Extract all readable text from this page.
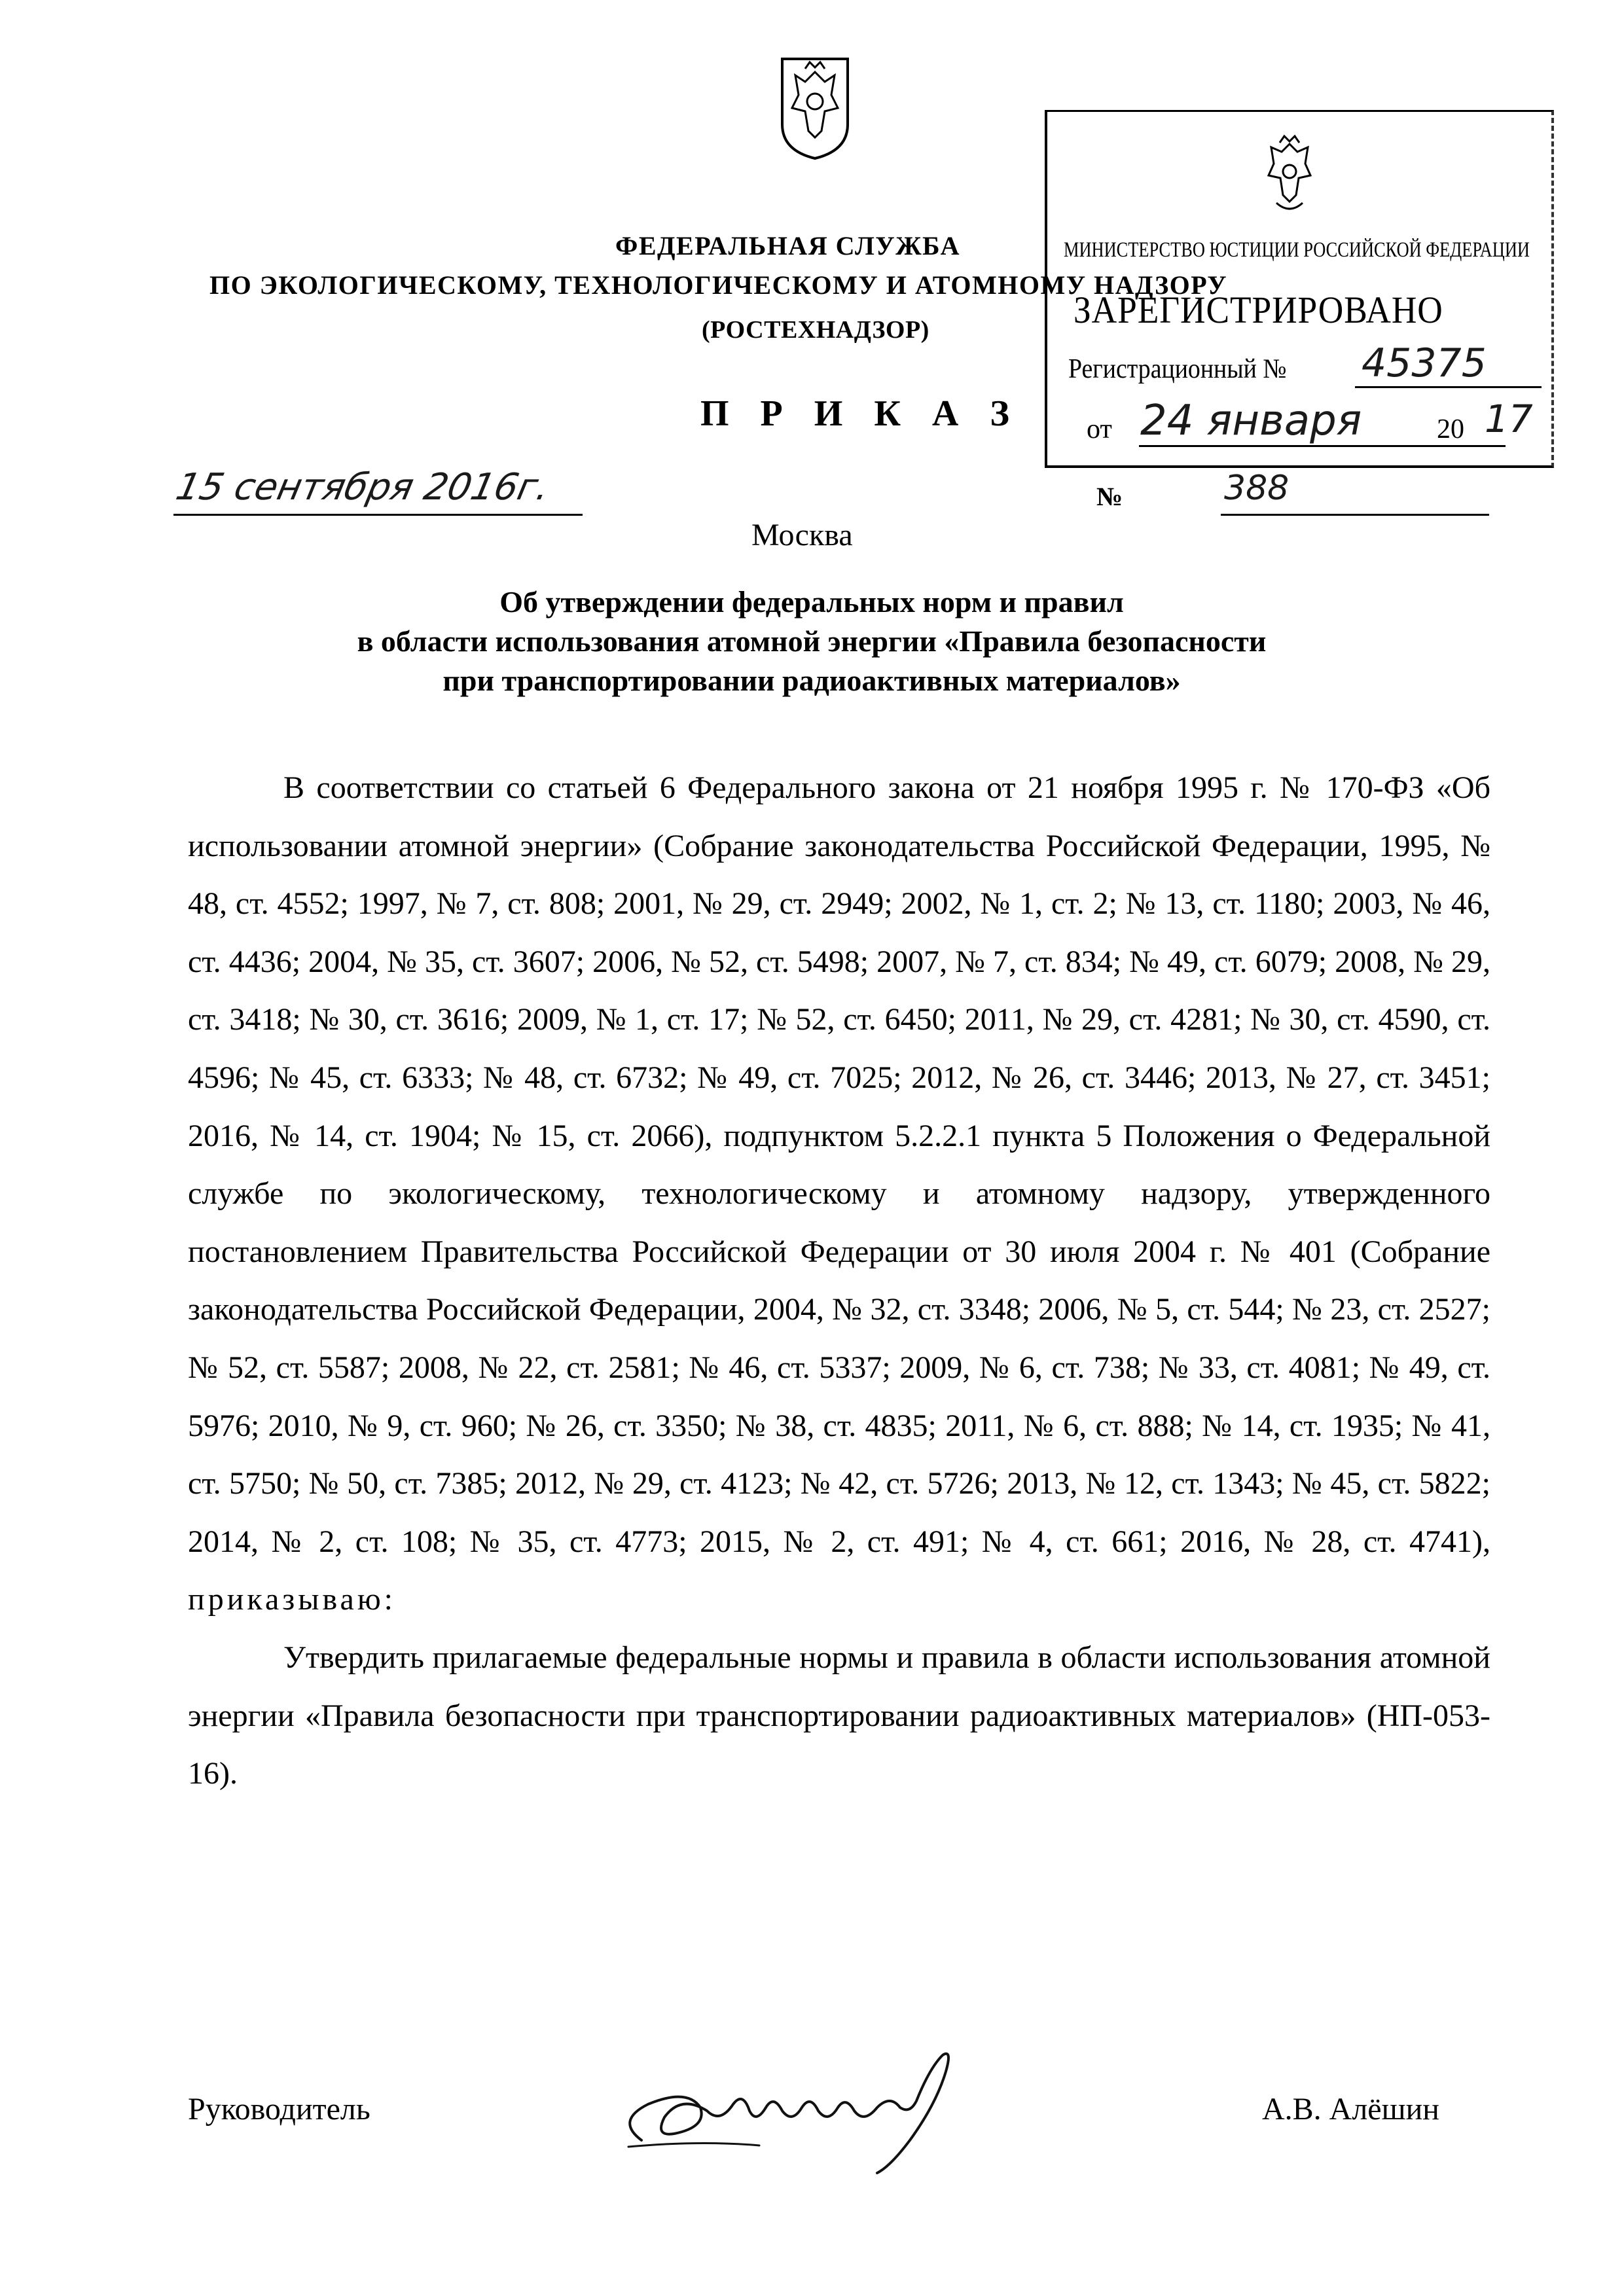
ФЕДЕРАЛЬНАЯ СЛУЖБА
ПО ЭКОЛОГИЧЕСКОМУ, ТЕХНОЛОГИЧЕСКОМУ И АТОМНОМУ НАДЗОРУ
(РОСТЕХНАДЗОР)
П Р И К А З
15 сентября 2016г.	№	388
Москва
МИНИСТЕРСТВО ЮСТИЦИИ РОССИЙСКОЙ ФЕДЕРАЦИИ
ЗАРЕГИСТРИРОВАНО
Регистрационный № 45375
от 24 января	20 17
Об утверждении федеральных норм и правил
в области использования атомной энергии «Правила безопасности
при транспортировании радиоактивных материалов»

В соответствии со статьей 6 Федерального закона от 21 ноября 1995 г. № 170-ФЗ «Об использовании атомной энергии» (Собрание законодательства Российской Федерации, 1995, № 48, ст. 4552; 1997, № 7, ст. 808; 2001, № 29, ст. 2949; 2002, № 1, ст. 2; № 13, ст. 1180; 2003, № 46, ст. 4436; 2004, № 35, ст. 3607; 2006, № 52, ст. 5498; 2007, № 7, ст. 834; № 49, ст. 6079; 2008, № 29, ст. 3418; № 30, ст. 3616; 2009, № 1, ст. 17; № 52, ст. 6450; 2011, № 29, ст. 4281; № 30, ст. 4590, ст. 4596; № 45, ст. 6333; № 48, ст. 6732; № 49, ст. 7025; 2012, № 26, ст. 3446; 2013, № 27, ст. 3451; 2016, № 14, ст. 1904; № 15, ст. 2066), подпунктом 5.2.2.1 пункта 5 Положения о Федеральной службе по экологическому, технологическому и атомному надзору, утвержденного постановлением Правительства Российской Федерации от 30 июля 2004 г. № 401 (Собрание законодательства Российской Федерации, 2004, № 32, ст. 3348; 2006, № 5, ст. 544; № 23, ст. 2527; № 52, ст. 5587; 2008, № 22, ст. 2581; № 46, ст. 5337; 2009, № 6, ст. 738; № 33, ст. 4081; № 49, ст. 5976; 2010, № 9, ст. 960; № 26, ст. 3350; № 38, ст. 4835; 2011, № 6, ст. 888; № 14, ст. 1935; № 41, ст. 5750; № 50, ст. 7385; 2012, № 29, ст. 4123; № 42, ст. 5726; 2013, № 12, ст. 1343; № 45, ст. 5822; 2014, № 2, ст. 108; № 35, ст. 4773; 2015, № 2, ст. 491; № 4, ст. 661; 2016, № 28, ст. 4741), приказываю:

Утвердить прилагаемые федеральные нормы и правила в области использования атомной энергии «Правила безопасности при транспортировании радиоактивных материалов» (НП-053-16).

Руководитель	А.В. Алёшин
